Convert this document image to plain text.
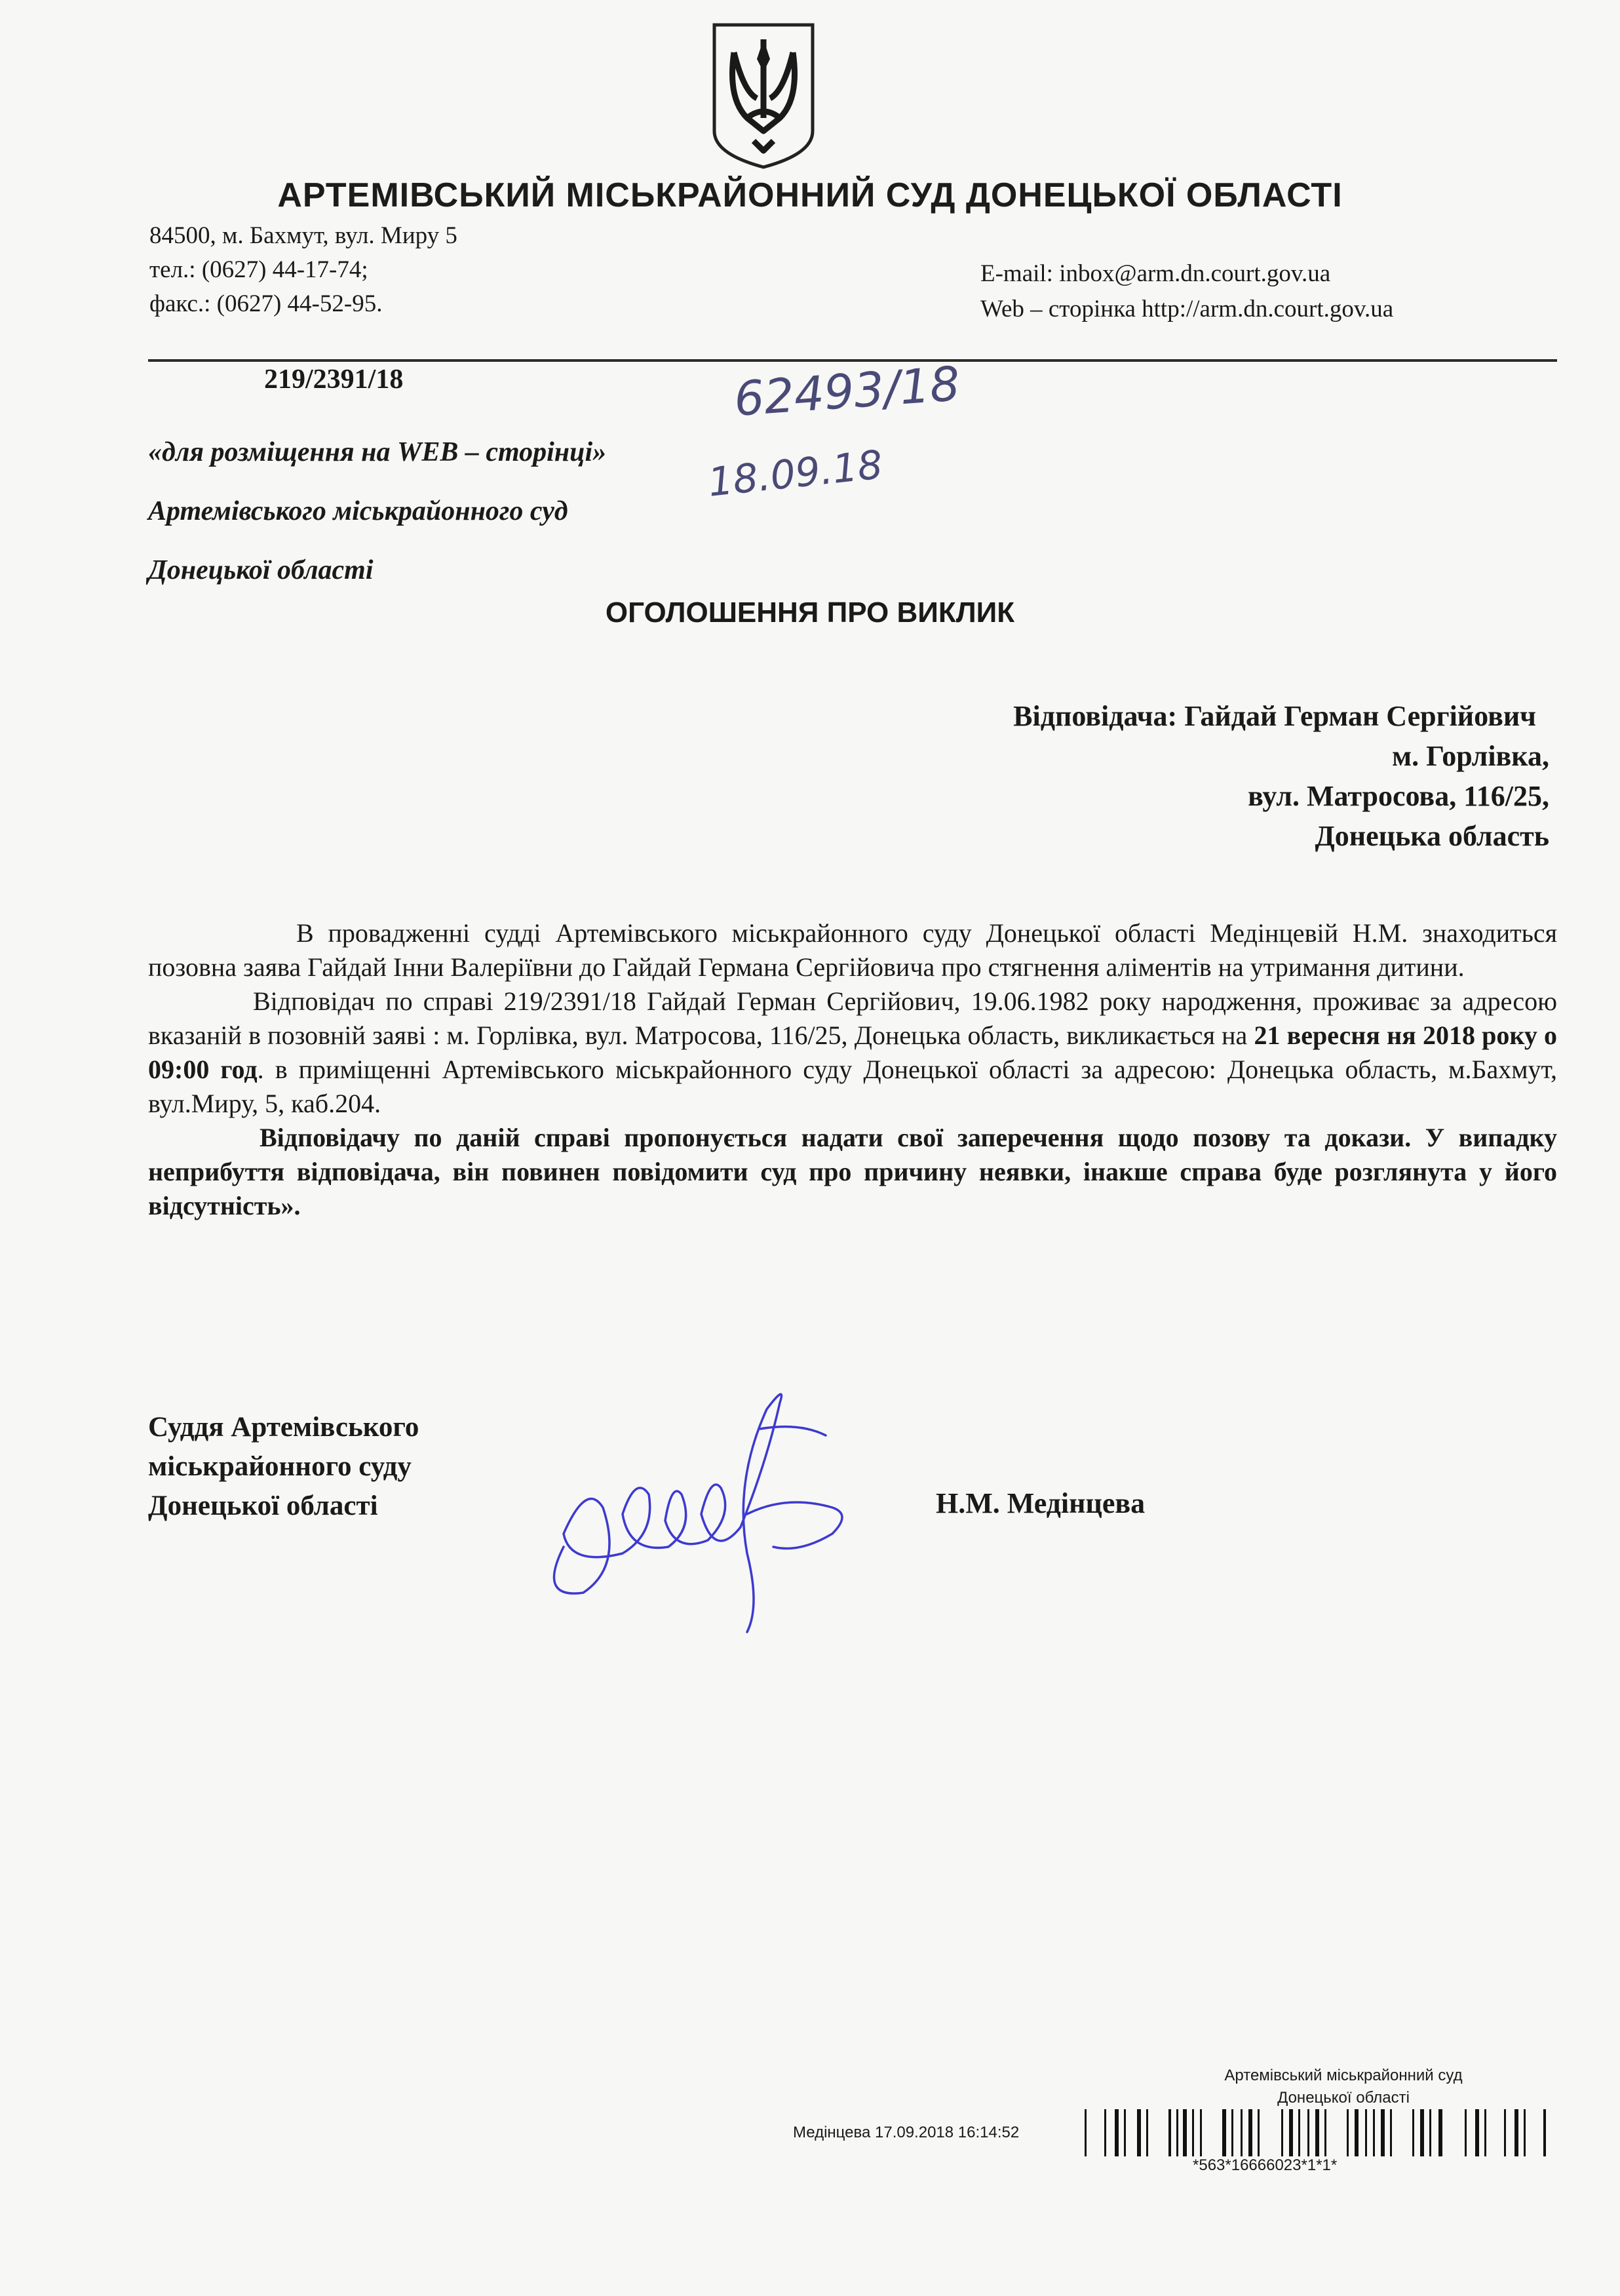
АРТЕМІВСЬКИЙ МІСЬКРАЙОННИЙ СУД ДОНЕЦЬКОЇ ОБЛАСТІ
84500, м. Бахмут, вул. Миру 5
тел.: (0627) 44-17-74;
факс.: (0627) 44-52-95.
E-mail: inbox@arm.dn.court.gov.ua
Web – сторінка http://arm.dn.court.gov.ua
219/2391/18	62493/18
18.09.18
«для розміщення на WEB – сторінці»
Артемівського міськрайонного суд
Донецької області
ОГОЛОШЕННЯ ПРО ВИКЛИК
Відповідача: Гайдай Герман Сергійович
м. Горлівка,
вул. Матросова, 116/25,
Донецька область

В провадженні судді Артемівського міськрайонного суду Донецької області Медінцевій Н.М. знаходиться позовна заява Гайдай Інни Валеріївни до Гайдай Германа Сергійовича про стягнення аліментів на утримання дитини.

Відповідач по справі 219/2391/18 Гайдай Герман Сергійович, 19.06.1982 року народження, проживає за адресою вказаній в позовній заяві : м. Горлівка, вул. Матросова, 116/25, Донецька область, викликається на 21 вересня ня 2018 року о 09:00 год. в приміщенні Артемівського міськрайонного суду Донецької області за адресою: Донецька область, м.Бахмут, вул.Миру, 5, каб.204.

Відповідачу по даній справі пропонується надати свої заперечення щодо позову та докази. У випадку неприбуття відповідача, він повинен повідомити суд про причину неявки, інакше справа буде розглянута у його відсутність».

Суддя Артемівського
міськрайонного суду
Донецької області	Н.М. Медінцева
Артемівський міськрайонний суд
Донецької області
Медінцева 17.09.2018 16:14:52
*563*16666023*1*1*
